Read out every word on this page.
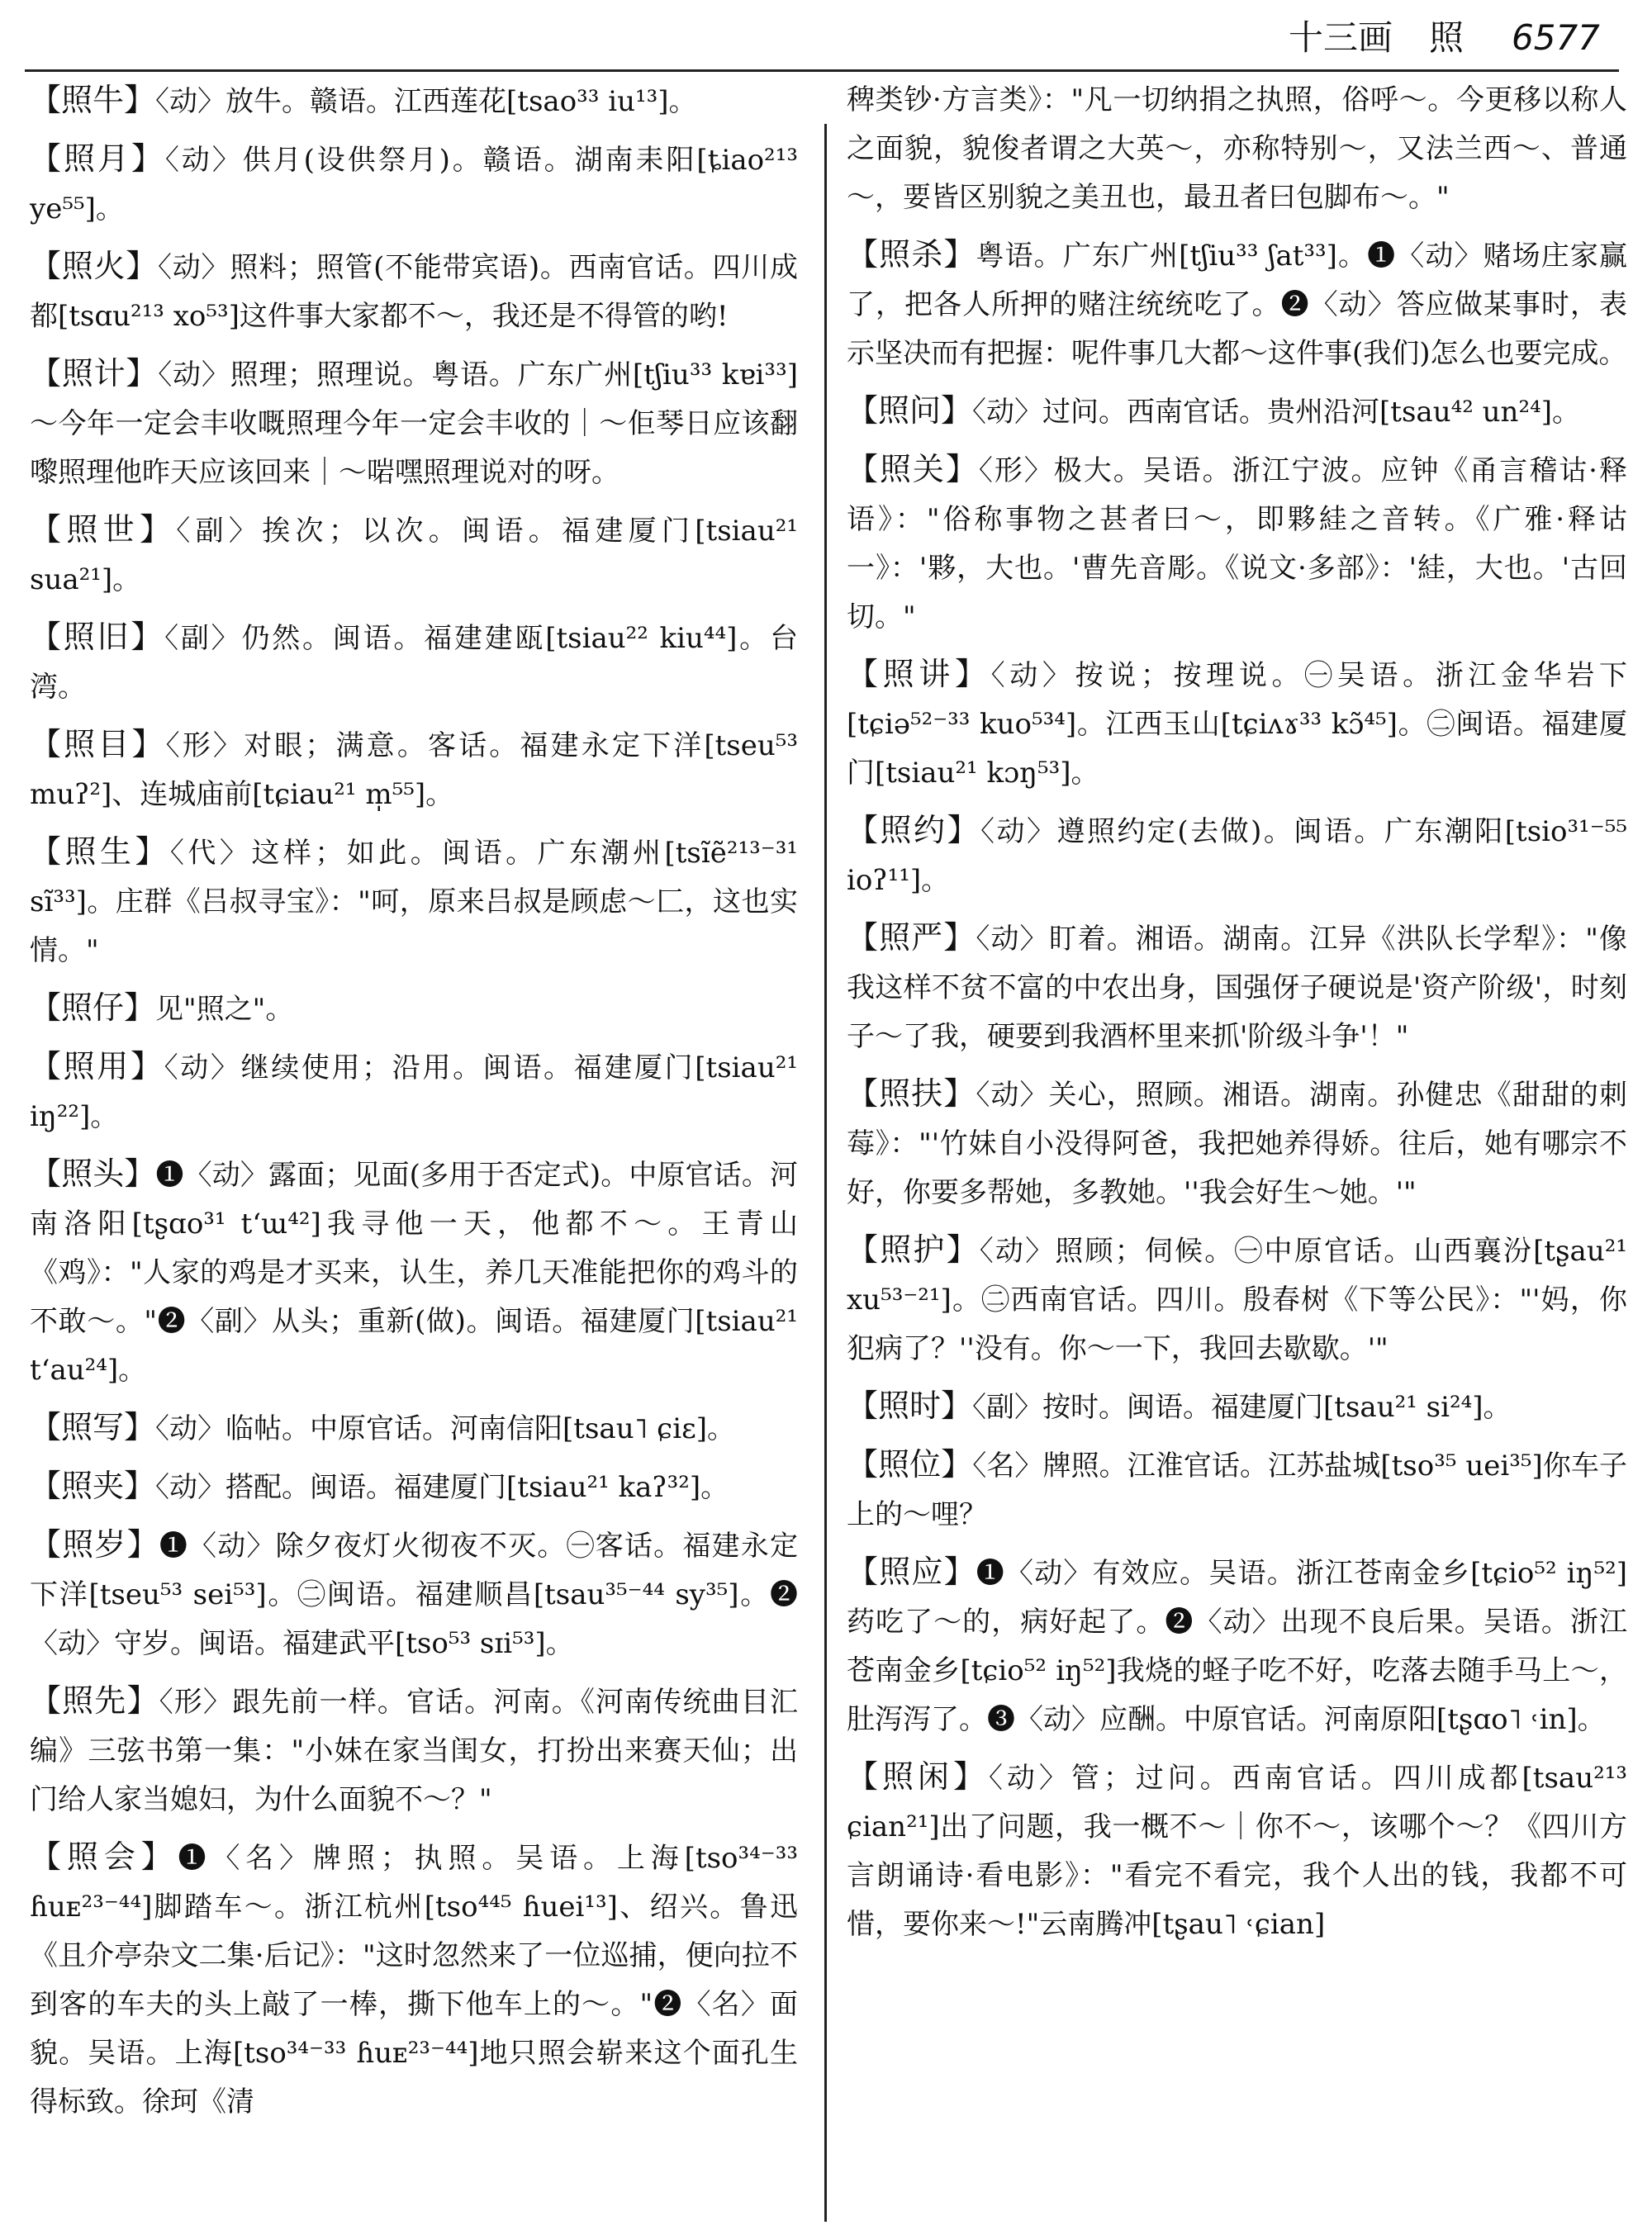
十三画 照 6577

【照牛】〈动〉放牛。赣语。江西莲花[tsao³³ iu¹³]。

【照月】〈动〉供月(设供祭月)。赣语。湖南耒阳[ȶiao²¹³ ye⁵⁵]。

【照火】〈动〉照料；照管(不能带宾语)。西南官话。四川成都[tsɑu²¹³ xo⁵³]这件事大家都不～，我还是不得管的哟!

【照计】〈动〉照理；照理说。粤语。广东广州[tʃiu³³ kɐi³³]～今年一定会丰收嘅照理今年一定会丰收的｜～佢琴日应该翻嚟照理他昨天应该回来｜～啱嘿照理说对的呀。

【照世】〈副〉挨次；以次。闽语。福建厦门[tsiau²¹ sua²¹]。

【照旧】〈副〉仍然。闽语。福建建瓯[tsiau²² kiu⁴⁴]。台湾。

【照目】〈形〉对眼；满意。客话。福建永定下洋[tseu⁵³ muʔ²]、连城庙前[tɕiau²¹ m̩⁵⁵]。

【照生】〈代〉这样；如此。闽语。广东潮州[tsĩẽ²¹³⁻³¹ sĩ³³]。庄群《吕叔寻宝》："呵，原来吕叔是顾虑～匚，这也实情。"

【照仔】见"照之"。

【照用】〈动〉继续使用；沿用。闽语。福建厦门[tsiau²¹ iŋ²²]。

【照头】❶〈动〉露面；见面(多用于否定式)。中原官话。河南洛阳[tʂɑo³¹ tʻɯ⁴²]我寻他一天，他都不～。王青山《鸡》："人家的鸡是才买来，认生，养几天准能把你的鸡斗的不敢～。"❷〈副〉从头；重新(做)。闽语。福建厦门[tsiau²¹ tʻau²⁴]。

【照写】〈动〉临帖。中原官话。河南信阳[tsau˥ ɕiɛ]。

【照夹】〈动〉搭配。闽语。福建厦门[tsiau²¹ kaʔ³²]。

【照岁】❶〈动〉除夕夜灯火彻夜不灭。㊀客话。福建永定下洋[tseu⁵³ sei⁵³]。㊁闽语。福建顺昌[tsau³⁵⁻⁴⁴ sy³⁵]。❷〈动〉守岁。闽语。福建武平[tso⁵³ sɪi⁵³]。

【照先】〈形〉跟先前一样。官话。河南。《河南传统曲目汇编》三弦书第一集："小妹在家当闺女，打扮出来赛天仙；出门给人家当媳妇，为什么面貌不～？"

【照会】❶〈名〉牌照；执照。吴语。上海[tso³⁴⁻³³ ɦuᴇ²³⁻⁴⁴]脚踏车～。浙江杭州[tso⁴⁴⁵ ɦuei¹³]、绍兴。鲁迅《且介亭杂文二集·后记》："这时忽然来了一位巡捕，便向拉不到客的车夫的头上敲了一棒，撕下他车上的～。"❷〈名〉面貌。吴语。上海[tso³⁴⁻³³ ɦuᴇ²³⁻⁴⁴]地只照会崭来这个面孔生得标致。徐珂《清

稗类钞·方言类》："凡一切纳捐之执照，俗呼～。今更移以称人之面貌，貌俊者谓之大英～，亦称特别～，又法兰西～、普通～，要皆区别貌之美丑也，最丑者曰包脚布～。"

【照杀】粤语。广东广州[tʃiu³³ ʃat³³]。❶〈动〉赌场庄家赢了，把各人所押的赌注统统吃了。❷〈动〉答应做某事时，表示坚决而有把握：呢件事几大都～这件事(我们)怎么也要完成。

【照问】〈动〉过问。西南官话。贵州沿河[tsau⁴² un²⁴]。

【照关】〈形〉极大。吴语。浙江宁波。应钟《甬言稽诂·释语》："俗称事物之甚者曰～，即夥絓之音转。《广雅·释诂一》：'夥，大也。'曹先音彫。《说文·多部》：'絓，大也。'古回切。"

【照讲】〈动〉按说；按理说。㊀吴语。浙江金华岩下[tɕiə⁵²⁻³³ kuo⁵³⁴]。江西玉山[tɕiʌɤ³³ kɔ̃⁴⁵]。㊁闽语。福建厦门[tsiau²¹ kɔŋ⁵³]。

【照约】〈动〉遵照约定(去做)。闽语。广东潮阳[tsio³¹⁻⁵⁵ ioʔ¹¹]。

【照严】〈动〉盯着。湘语。湖南。江异《洪队长学犁》："像我这样不贫不富的中农出身，国强伢子硬说是'资产阶级'，时刻子～了我，硬要到我酒杯里来抓'阶级斗争'！"

【照扶】〈动〉关心，照顾。湘语。湖南。孙健忠《甜甜的刺莓》："'竹妹自小没得阿爸，我把她养得娇。往后，她有哪宗不好，你要多帮她，多教她。''我会好生～她。'"

【照护】〈动〉照顾；伺候。㊀中原官话。山西襄汾[tʂau²¹ xu⁵³⁻²¹]。㊁西南官话。四川。殷春树《下等公民》："'妈，你犯病了？''没有。你～一下，我回去歇歇。'"

【照时】〈副〉按时。闽语。福建厦门[tsau²¹ si²⁴]。

【照位】〈名〉牌照。江淮官话。江苏盐城[tso³⁵ uei³⁵]你车子上的～哩？

【照应】❶〈动〉有效应。吴语。浙江苍南金乡[tɕio⁵² iŋ⁵²]药吃了～的，病好起了。❷〈动〉出现不良后果。吴语。浙江苍南金乡[tɕio⁵² iŋ⁵²]我烧的蛏子吃不好，吃落去随手马上～，肚泻泻了。❸〈动〉应酬。中原官话。河南原阳[tʂɑo˥ ˓in]。

【照闲】〈动〉管；过问。西南官话。四川成都[tsau²¹³ ɕian²¹]出了问题，我一概不～｜你不～，该哪个～？《四川方言朗诵诗·看电影》："看完不看完，我个人出的钱，我都不可惜，要你来～!"云南腾冲[tʂau˥ ˓ɕian]
